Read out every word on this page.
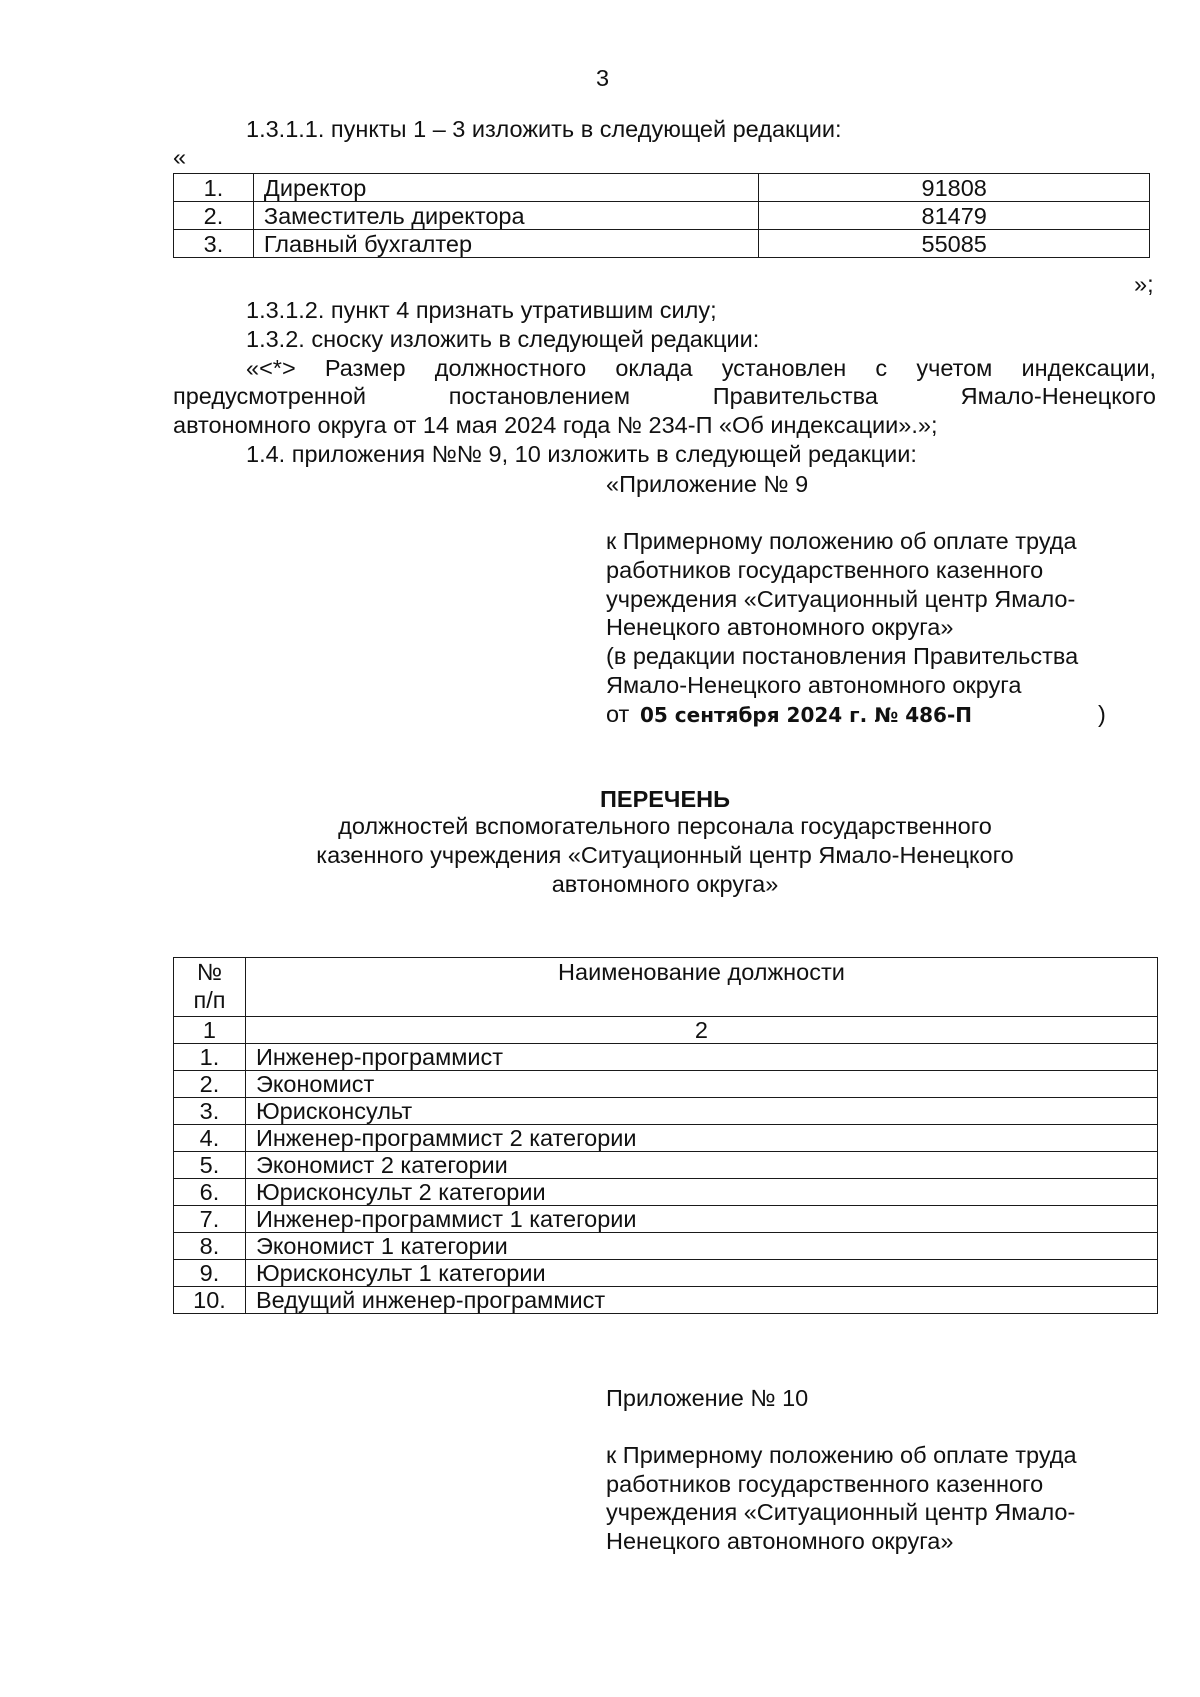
3
1.3.1.1. пункты 1 – 3 изложить в следующей редакции:
«
1.	Директор	91808
2.	Заместитель директора	81479
3.	Главный бухгалтер	55085
»;
1.3.1.2. пункт 4 признать утратившим силу;
1.3.2. сноску изложить в следующей редакции:
«<*> Размер должностного оклада установлен с учетом индексации,
предусмотренной постановлением Правительства Ямало-Ненецкого
автономного округа от 14 мая 2024 года № 234-П «Об индексации».»;
1.4. приложения №№ 9, 10 изложить в следующей редакции:
«Приложение № 9
к Примерному положению об оплате труда
работников государственного казенного
учреждения «Ситуационный центр Ямало-
Ненецкого автономного округа»
(в редакции постановления Правительства
Ямало-Ненецкого автономного округа
от 05 сентября 2024 г. № 486-П	)
ПЕРЕЧЕНЬ
должностей вспомогательного персонала государственного
казенного учреждения «Ситуационный центр Ямало-Ненецкого
автономного округа»
№
п/п	Наименование должности
1	2
1.	Инженер-программист
2.	Экономист
3.	Юрисконсульт
4.	Инженер-программист 2 категории
5.	Экономист 2 категории
6.	Юрисконсульт 2 категории
7.	Инженер-программист 1 категории
8.	Экономист 1 категории
9.	Юрисконсульт 1 категории
10.	Ведущий инженер-программист
Приложение № 10
к Примерному положению об оплате труда
работников государственного казенного
учреждения «Ситуационный центр Ямало-
Ненецкого автономного округа»
